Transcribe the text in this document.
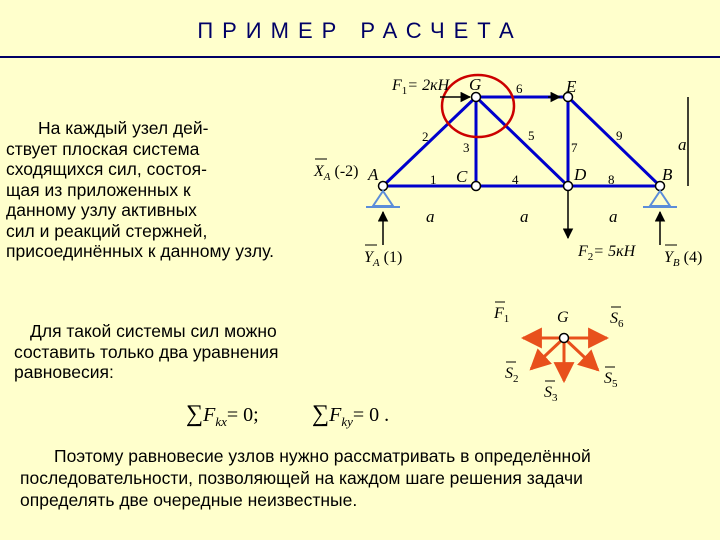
ПРИМЕР РАСЧЕТА
На каждый узел дей-
ствует плоская система
сходящихся сил, состоя-
щая из приложенных к
данному узлу активных
сил и реакций стержней,
присоединённых к данному узлу.
Для такой системы сил можно
составить только два уравнения
равновесия:
Поэтому равновесие узлов нужно рассматривать в определённой
последовательности, позволяющей на каждом шаге решения задачи
определять две очередные неизвестные.
A	C	D	B
G	E
a	a	a
a
1
2
3
4
5
6
7
8
9
$F_1= 2кН$
$F_2= 5кН$
$X_A$ (-2)
$Y_A$ (1)	$Y_B$ (4)
G
$F_1$	$S_6$
$S_2$
$S_3$
$S_5$
$\sum F_{kx}= 0$; $\sum F_{ky}= 0$ .
